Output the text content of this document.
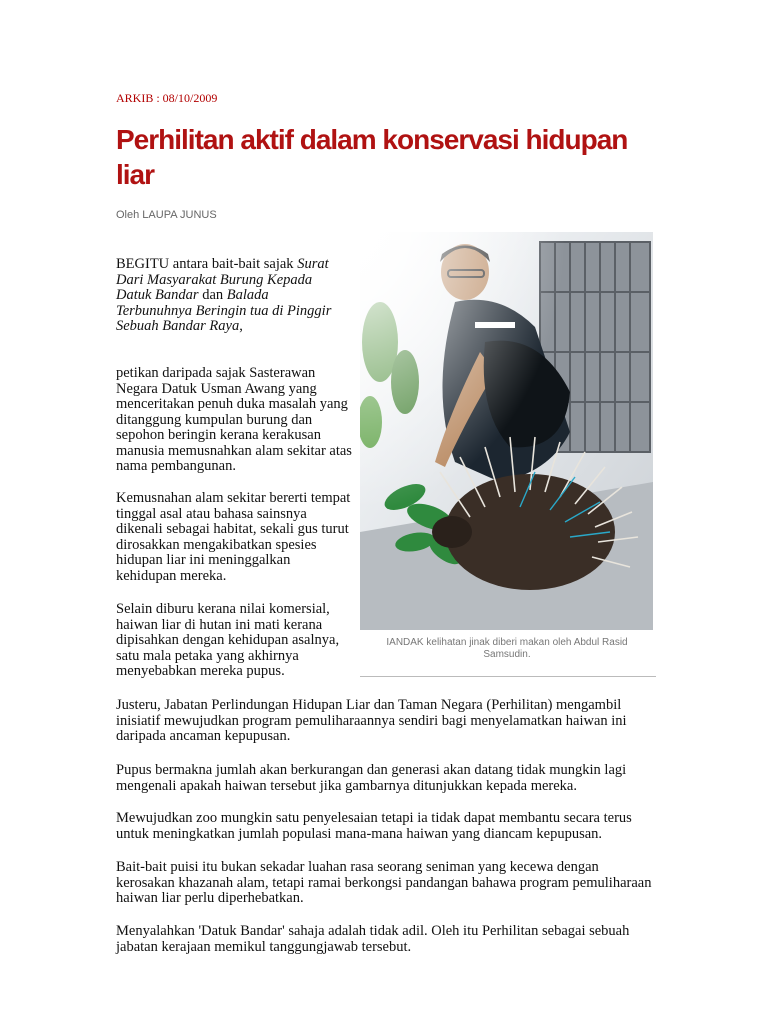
ARKIB : 08/10/2009
Perhilitan aktif dalam konservasi hidupan liar
Oleh LAUPA JUNUS

BEGITU antara bait-bait sajak Surat Dari Masyarakat Burung Kepada Datuk Bandar dan Balada Terbunuhnya Beringin tua di Pinggir Sebuah Bandar Raya,

petikan daripada sajak Sasterawan Negara Datuk Usman Awang yang menceritakan penuh duka masalah yang ditanggung kumpulan burung dan sepohon beringin kerana kerakusan manusia memusnahkan alam sekitar atas nama pembangunan.

Kemusnahan alam sekitar bererti tempat tinggal asal atau bahasa sainsnya dikenali sebagai habitat, sekali gus turut dirosakkan mengakibatkan spesies hidupan liar ini meninggalkan kehidupan mereka.

Selain diburu kerana nilai komersial, haiwan liar di hutan ini mati kerana dipisahkan dengan kehidupan asalnya, satu mala petaka yang akhirnya menyebabkan mereka pupus.

IANDAK kelihatan jinak diberi makan oleh Abdul Rasid Samsudin.

Justeru, Jabatan Perlindungan Hidupan Liar dan Taman Negara (Perhilitan) mengambil inisiatif mewujudkan program pemuliharaannya sendiri bagi menyelamatkan haiwan ini daripada ancaman kepupusan.

Pupus bermakna jumlah akan berkurangan dan generasi akan datang tidak mungkin lagi mengenali apakah haiwan tersebut jika gambarnya ditunjukkan kepada mereka.

Mewujudkan zoo mungkin satu penyelesaian tetapi ia tidak dapat membantu secara terus untuk meningkatkan jumlah populasi mana-mana haiwan yang diancam kepupusan.

Bait-bait puisi itu bukan sekadar luahan rasa seorang seniman yang kecewa dengan kerosakan khazanah alam, tetapi ramai berkongsi pandangan bahawa program pemuliharaan haiwan liar perlu diperhebatkan.

Menyalahkan 'Datuk Bandar' sahaja adalah tidak adil. Oleh itu Perhilitan sebagai sebuah jabatan kerajaan memikul tanggungjawab tersebut.
